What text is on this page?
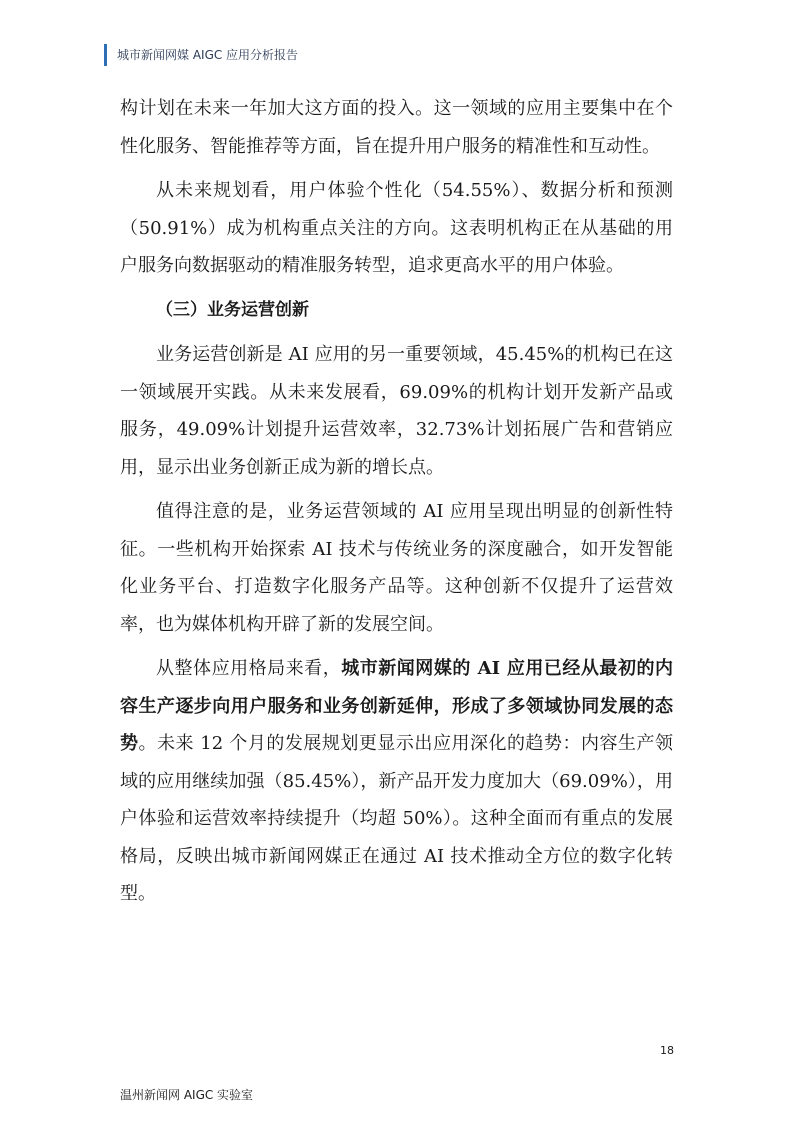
城市新闻网媒 AIGC 应用分析报告

构计划在未来一年加大这方面的投入。这一领域的应用主要集中在个性化服务、智能推荐等方面，旨在提升用户服务的精准性和互动性。

从未来规划看，用户体验个性化（54.55%）、数据分析和预测（50.91%）成为机构重点关注的方向。这表明机构正在从基础的用户服务向数据驱动的精准服务转型，追求更高水平的用户体验。

（三）业务运营创新

业务运营创新是 AI 应用的另一重要领域，45.45%的机构已在这一领域展开实践。从未来发展看，69.09%的机构计划开发新产品或服务，49.09%计划提升运营效率，32.73%计划拓展广告和营销应用，显示出业务创新正成为新的增长点。

值得注意的是，业务运营领域的 AI 应用呈现出明显的创新性特征。一些机构开始探索 AI 技术与传统业务的深度融合，如开发智能化业务平台、打造数字化服务产品等。这种创新不仅提升了运营效率，也为媒体机构开辟了新的发展空间。

从整体应用格局来看，城市新闻网媒的 AI 应用已经从最初的内容生产逐步向用户服务和业务创新延伸，形成了多领域协同发展的态势。未来 12 个月的发展规划更显示出应用深化的趋势：内容生产领域的应用继续加强（85.45%），新产品开发力度加大（69.09%），用户体验和运营效率持续提升（均超 50%）。这种全面而有重点的发展格局，反映出城市新闻网媒正在通过 AI 技术推动全方位的数字化转型。

18
温州新闻网 AIGC 实验室
